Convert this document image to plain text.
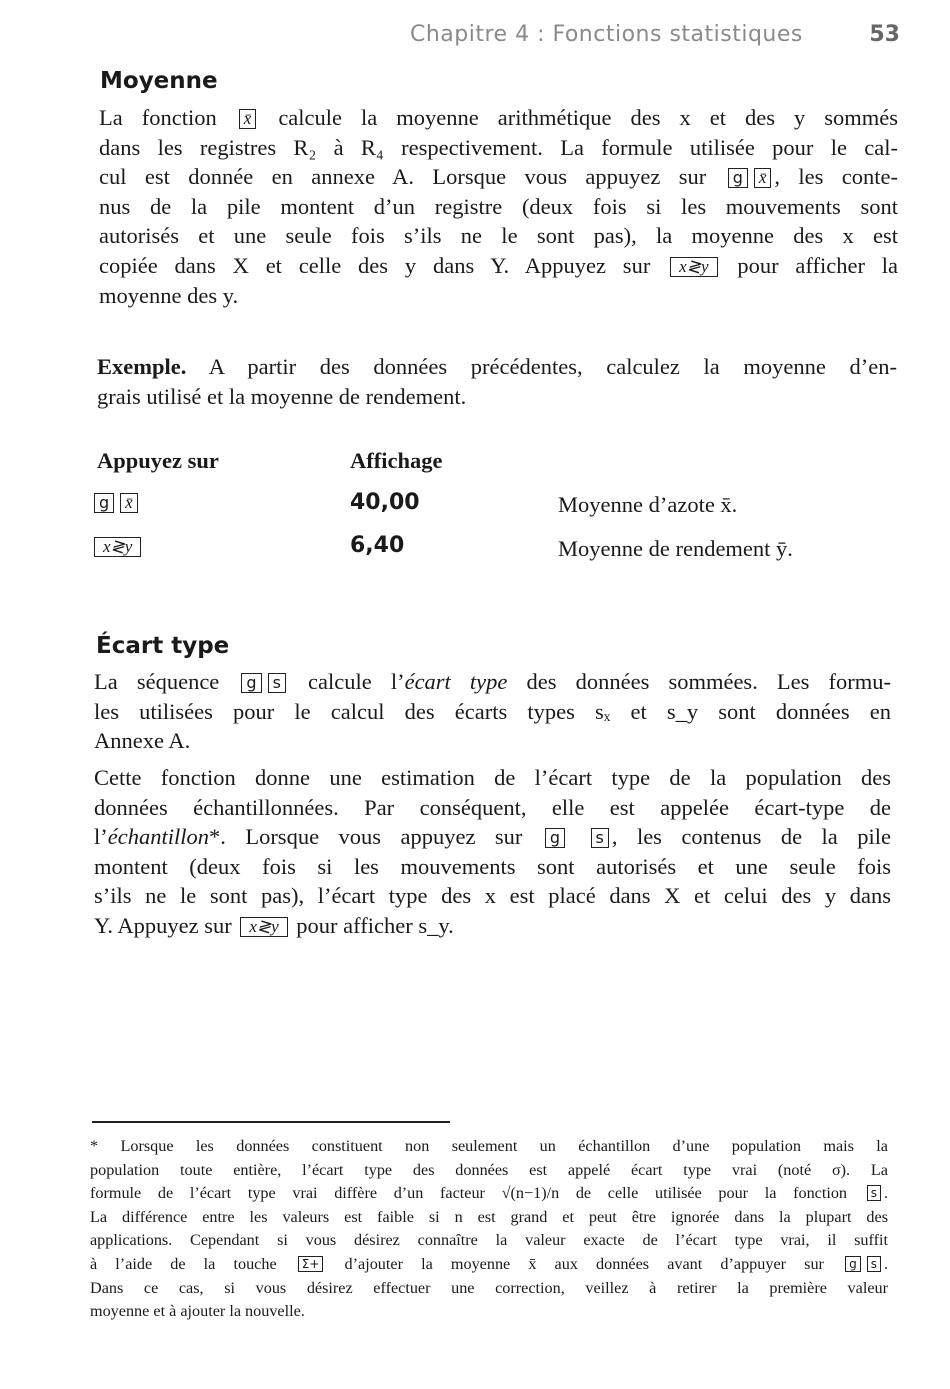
Chapitre 4 : Fonctions statistiques	53
Moyenne
La fonction x̄ calcule la moyenne arithmétique des x et des y sommés
dans les registres R₂ à R₄ respectivement. La formule utilisée pour le cal-
cul est donnée en annexe A. Lorsque vous appuyez sur g x̄ , les conte-
nus de la pile montent d’un registre (deux fois si les mouvements sont
autorisés et une seule fois s’ils ne le sont pas), la moyenne des x est
copiée dans X et celle des y dans Y. Appuyez sur x≷y pour afficher la
moyenne des y.
Exemple. A partir des données précédentes, calculez la moyenne d’en-
grais utilisé et la moyenne de rendement.
Appuyez sur	Affichage
g x̄	40,00	Moyenne d’azote x̄.
x≷y	6,40	Moyenne de rendement ȳ.
Écart type
La séquence g s calcule l’écart type des données sommées. Les formu-
les utilisées pour le calcul des écarts types sₓ et s_y sont données en
Annexe A.
Cette fonction donne une estimation de l’écart type de la population des
données échantillonnées. Par conséquent, elle est appelée écart-type de
l’échantillon*. Lorsque vous appuyez sur g s , les contenus de la pile
montent (deux fois si les mouvements sont autorisés et une seule fois
s’ils ne le sont pas), l’écart type des x est placé dans X et celui des y dans
Y. Appuyez sur x≷y pour afficher s_y.
* Lorsque les données constituent non seulement un échantillon d’une population mais la
population toute entière, l’écart type des données est appelé écart type vrai (noté σ). La
formule de l’écart type vrai diffère d’un facteur √(n−1)/n de celle utilisée pour la fonction s .
La différence entre les valeurs est faible si n est grand et peut être ignorée dans la plupart des
applications. Cependant si vous désirez connaître la valeur exacte de l’écart type vrai, il suffit
à l’aide de la touche Σ+ d’ajouter la moyenne x̄ aux données avant d’appuyer sur g s .
Dans ce cas, si vous désirez effectuer une correction, veillez à retirer la première valeur
moyenne et à ajouter la nouvelle.
